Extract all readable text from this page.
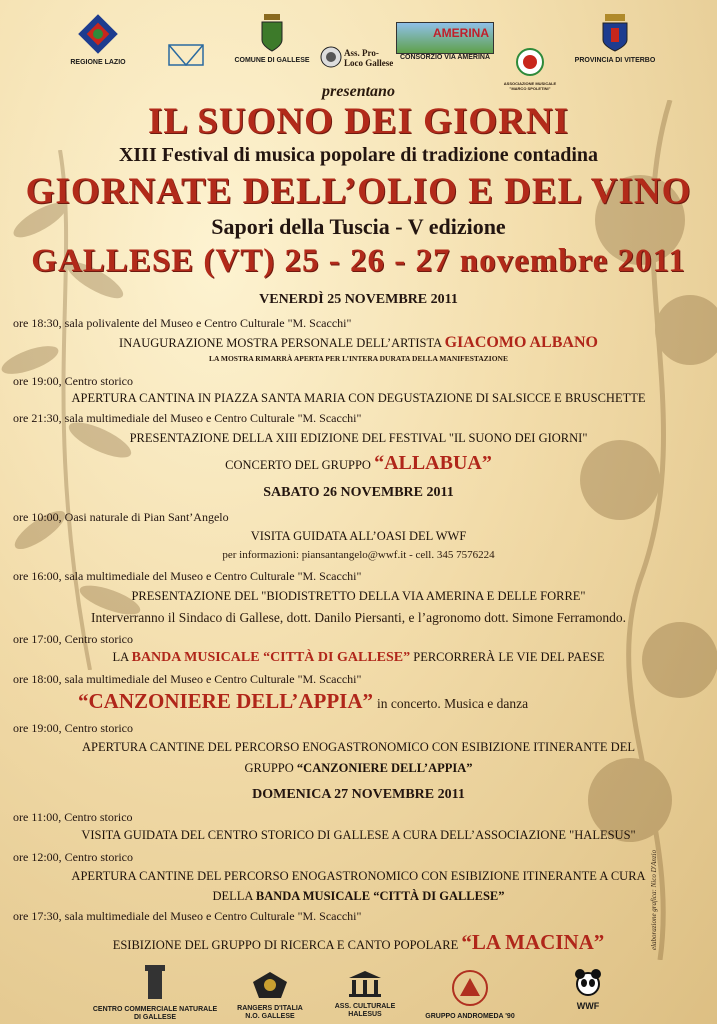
REGIONE LAZIO	COMUNE DI GALLESE
Ass. Pro-Loco Gallese
AMERINA
CONSORZIO VIA AMERINA
ASSOCIAZIONE MUSICALE "MARCO SPOLETINI"
PROVINCIA DI VITERBO
presentano
IL SUONO DEI GIORNI
XIII Festival di musica popolare di tradizione contadina
GIORNATE DELL’OLIO E DEL VINO
Sapori della Tuscia - V edizione
GALLESE (VT) 25 - 26 - 27 novembre 2011
VENERDÌ 25 NOVEMBRE 2011
ore 18:30, sala polivalente del Museo e Centro Culturale "M. Scacchi"
INAUGURAZIONE MOSTRA PERSONALE DELL’ARTISTA GIACOMO ALBANO
LA MOSTRA RIMARRÀ APERTA PER L’INTERA DURATA DELLA MANIFESTAZIONE
ore 19:00, Centro storico
APERTURA CANTINA IN PIAZZA SANTA MARIA CON DEGUSTAZIONE DI SALSICCE E BRUSCHETTE
ore 21:30, sala multimediale del Museo e Centro Culturale "M. Scacchi"
PRESENTAZIONE DELLA XIII EDIZIONE DEL FESTIVAL "IL SUONO DEI GIORNI"
CONCERTO DEL GRUPPO “ALLABUA”
SABATO 26 NOVEMBRE 2011
ore 10:00, Oasi naturale di Pian Sant’Angelo
VISITA GUIDATA ALL’OASI DEL WWF
per informazioni: piansantangelo@wwf.it - cell. 345 7576224
ore 16:00, sala multimediale del Museo e Centro Culturale "M. Scacchi"
PRESENTAZIONE DEL "BIODISTRETTO DELLA VIA AMERINA E DELLE FORRE"
Interverranno il Sindaco di Gallese, dott. Danilo Piersanti, e l’agronomo dott. Simone Ferramondo.
ore 17:00, Centro storico
LA BANDA MUSICALE “CITTÀ DI GALLESE” PERCORRERÀ LE VIE DEL PAESE
ore 18:00, sala multimediale del Museo e Centro Culturale "M. Scacchi"
“CANZONIERE DELL’APPIA” in concerto. Musica e danza
ore 19:00, Centro storico
APERTURA CANTINE DEL PERCORSO ENOGASTRONOMICO CON ESIBIZIONE ITINERANTE DEL
GRUPPO “CANZONIERE DELL’APPIA”
DOMENICA 27 NOVEMBRE 2011
ore 11:00, Centro storico
VISITA GUIDATA DEL CENTRO STORICO DI GALLESE A CURA DELL’ASSOCIAZIONE "HALESUS"
ore 12:00, Centro storico
APERTURA CANTINE DEL PERCORSO ENOGASTRONOMICO CON ESIBIZIONE ITINERANTE A CURA
DELLA BANDA MUSICALE “CITTÀ DI GALLESE”
ore 17:30, sala multimediale del Museo e Centro Culturale "M. Scacchi"
ESIBIZIONE DEL GRUPPO DI RICERCA E CANTO POPOLARE “LA MACINA”
CENTRO COMMERCIALE NATURALE DI GALLESE
RANGERS D'ITALIA N.O. GALLESE
ASS. CULTURALE HALESUS	GRUPPO ANDROMEDA '90
WWF
elaborazione grafica: Nico D'Anzio
